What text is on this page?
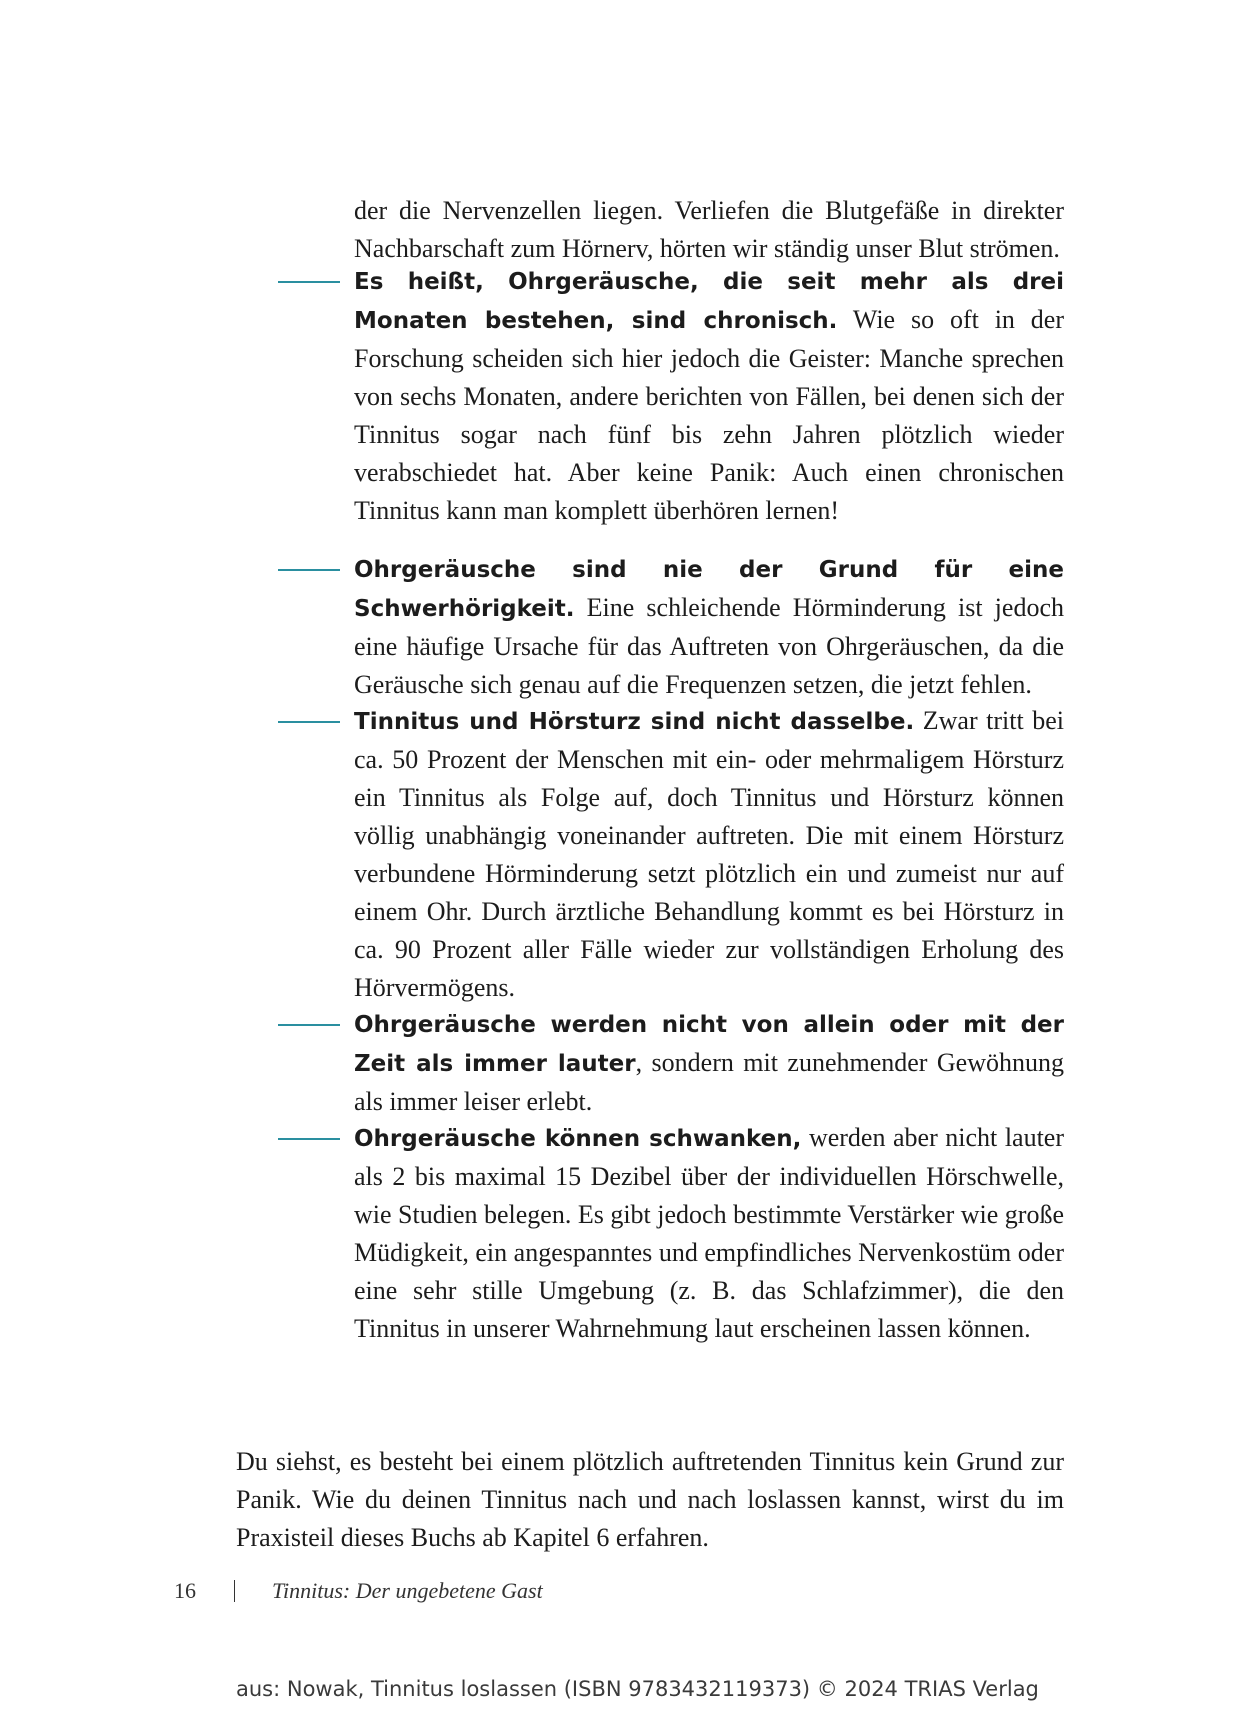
der die Nervenzellen liegen. Verliefen die Blutgefäße in direkter Nachbarschaft zum Hörnerv, hörten wir ständig unser Blut strömen.

Es heißt, Ohrgeräusche, die seit mehr als drei Monaten bestehen, sind chronisch. Wie so oft in der Forschung scheiden sich hier jedoch die Geister: Manche sprechen von sechs Monaten, andere berichten von Fällen, bei denen sich der Tinnitus sogar nach fünf bis zehn Jahren plötzlich wieder verabschiedet hat. Aber keine Panik: Auch einen chronischen Tinnitus kann man komplett überhören lernen!
Ohrgeräusche sind nie der Grund für eine Schwerhörigkeit. Eine schleichende Hörminderung ist jedoch eine häufige Ursache für das Auftreten von Ohrgeräuschen, da die Geräusche sich genau auf die Frequenzen setzen, die jetzt fehlen.
Tinnitus und Hörsturz sind nicht dasselbe. Zwar tritt bei ca. 50 Prozent der Menschen mit ein- oder mehrmaligem Hörsturz ein Tinnitus als Folge auf, doch Tinnitus und Hörsturz können völlig unabhängig voneinander auftreten. Die mit einem Hörsturz verbundene Hörminderung setzt plötzlich ein und zumeist nur auf einem Ohr. Durch ärztliche Behandlung kommt es bei Hörsturz in ca. 90 Prozent aller Fälle wieder zur vollständigen Erholung des Hörvermögens.
Ohrgeräusche werden nicht von allein oder mit der Zeit als immer lauter, sondern mit zunehmender Gewöhnung als immer leiser erlebt.
Ohrgeräusche können schwanken, werden aber nicht lauter als 2 bis maximal 15 Dezibel über der individuellen Hörschwelle, wie Studien belegen. Es gibt jedoch bestimmte Verstärker wie große Müdigkeit, ein angespanntes und empfindliches Nervenkostüm oder eine sehr stille Umgebung (z. B. das Schlafzimmer), die den Tinnitus in unserer Wahrnehmung laut erscheinen lassen können.

Du siehst, es besteht bei einem plötzlich auftretenden Tinnitus kein Grund zur Panik. Wie du deinen Tinnitus nach und nach loslassen kannst, wirst du im Praxisteil dieses Buchs ab Kapitel 6 erfahren.

16	Tinnitus: Der ungebetene Gast
aus: Nowak, Tinnitus loslassen (ISBN 9783432119373) © 2024 TRIAS Verlag
